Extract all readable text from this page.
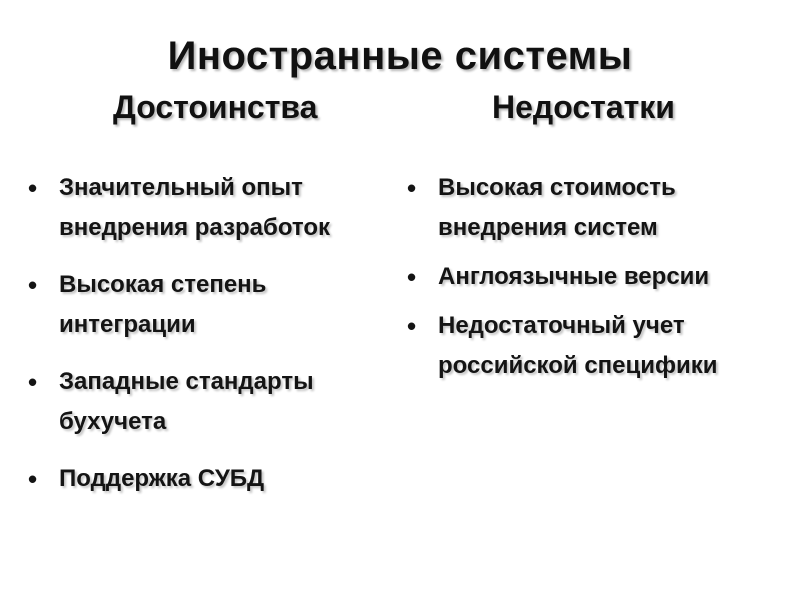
Иностранные системы
Достоинства	Недостатки
• Значительный опыт внедрения разработок
• Высокая степень интеграции
• Западные стандарты бухучета
• Поддержка СУБД
• Высокая стоимость внедрения систем
• Англоязычные версии
• Недостаточный учет российской специфики
